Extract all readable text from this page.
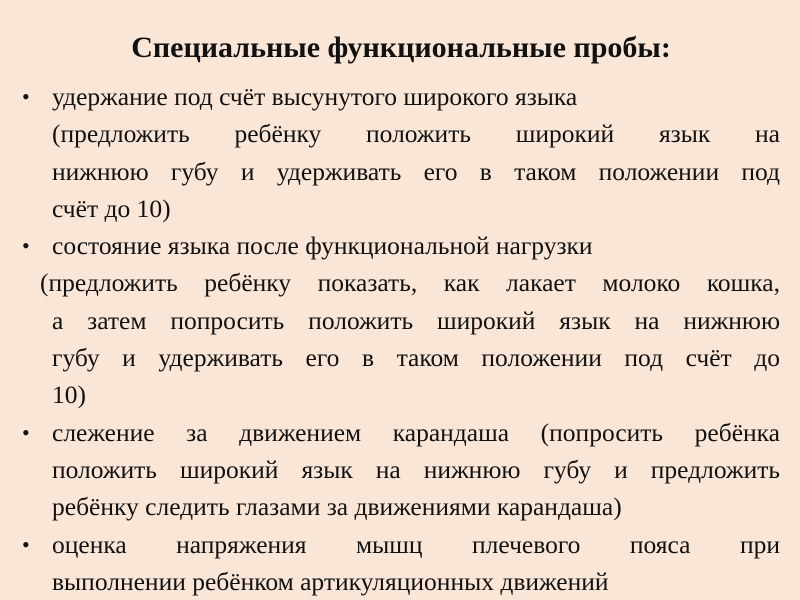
Специальные функциональные пробы:
• удержание под счёт высунутого широкого языка
(предложить ребёнку положить широкий язык на
нижнюю губу и удерживать его в таком положении под
счёт до 10)
• состояние языка после функциональной нагрузки
(предложить ребёнку показать, как лакает молоко кошка,
а затем попросить положить широкий язык на нижнюю
губу и удерживать его в таком положении под счёт до
10)
• слежение за движением карандаша (попросить ребёнка
положить широкий язык на нижнюю губу и предложить
ребёнку следить глазами за движениями карандаша)
• оценка напряжения мышц плечевого пояса при
выполнении ребёнком артикуляционных движений
